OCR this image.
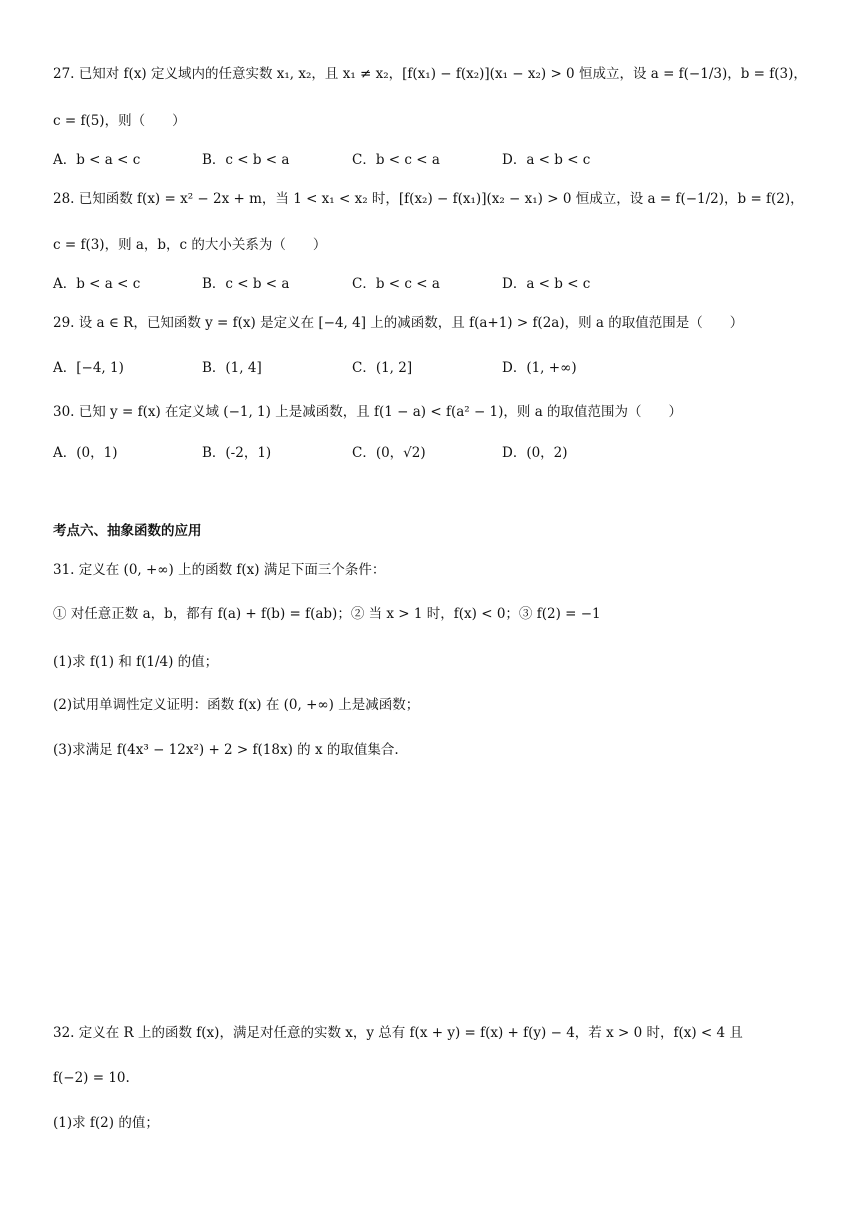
27. 已知对 f(x) 定义域内的任意实数 x₁, x₂，且 x₁ ≠ x₂，[f(x₁) − f(x₂)](x₁ − x₂) > 0 恒成立，设 a = f(−1/3)，b = f(3)，
c = f(5)，则（　　）
A．b < a < c	B．c < b < a	C．b < c < a	D．a < b < c
28. 已知函数 f(x) = x² − 2x + m，当 1 < x₁ < x₂ 时，[f(x₂) − f(x₁)](x₂ − x₁) > 0 恒成立，设 a = f(−1/2)，b = f(2)，
c = f(3)，则 a，b，c 的大小关系为（　　）
A．b < a < c	B．c < b < a	C．b < c < a	D．a < b < c
29. 设 a ∈ R，已知函数 y = f(x) 是定义在 [−4, 4] 上的减函数，且 f(a+1) > f(2a)，则 a 的取值范围是（　　）
A．[−4, 1)	B．(1, 4]	C．(1, 2]	D．(1, +∞)
30. 已知 y = f(x) 在定义域 (−1, 1) 上是减函数，且 f(1 − a) < f(a² − 1)，则 a 的取值范围为（　　）
A．(0，1)	B．(-2，1)	C．(0，√2)	D．(0，2)
考点六、抽象函数的应用
31. 定义在 (0, +∞) 上的函数 f(x) 满足下面三个条件：
① 对任意正数 a，b，都有 f(a) + f(b) = f(ab)；② 当 x > 1 时，f(x) < 0；③ f(2) = −1
(1)求 f(1) 和 f(1/4) 的值；
(2)试用单调性定义证明：函数 f(x) 在 (0, +∞) 上是减函数；
(3)求满足 f(4x³ − 12x²) + 2 > f(18x) 的 x 的取值集合.
32. 定义在 R 上的函数 f(x)，满足对任意的实数 x，y 总有 f(x + y) = f(x) + f(y) − 4，若 x > 0 时，f(x) < 4 且
f(−2) = 10.
(1)求 f(2) 的值；
